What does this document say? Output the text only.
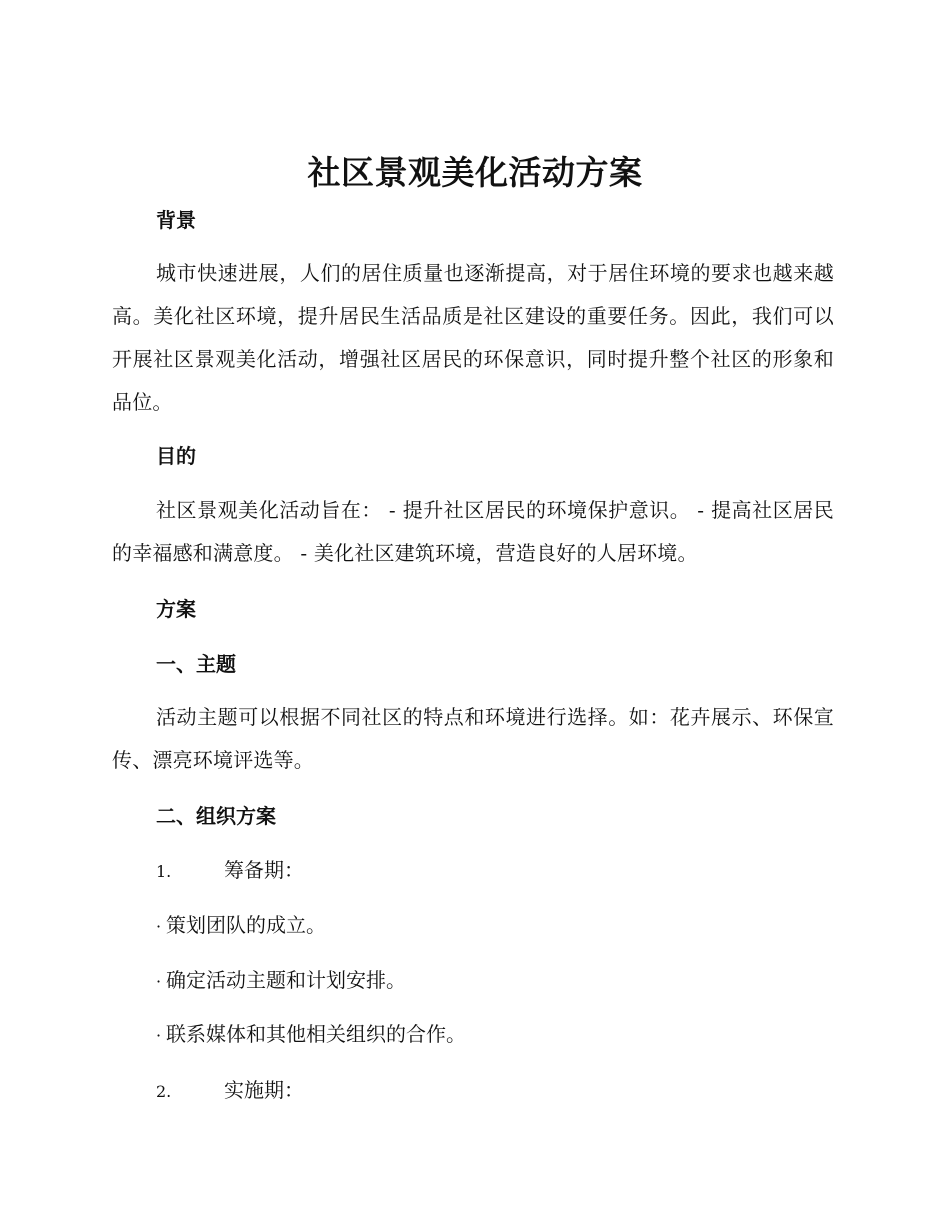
社区景观美化活动方案
背景
城市快速进展，人们的居住质量也逐渐提高，对于居住环境的要求也越来越高。美化社区环境，提升居民生活品质是社区建设的重要任务。因此，我们可以开展社区景观美化活动，增强社区居民的环保意识，同时提升整个社区的形象和品位。
目的
社区景观美化活动旨在： - 提升社区居民的环境保护意识。 - 提高社区居民的幸福感和满意度。 - 美化社区建筑环境，营造良好的人居环境。
方案
一、主题
活动主题可以根据不同社区的特点和环境进行选择。如：花卉展示、环保宣传、漂亮环境评选等。
二、组织方案
1.	筹备期：
· 策划团队的成立。
· 确定活动主题和计划安排。
· 联系媒体和其他相关组织的合作。
2.	实施期：
